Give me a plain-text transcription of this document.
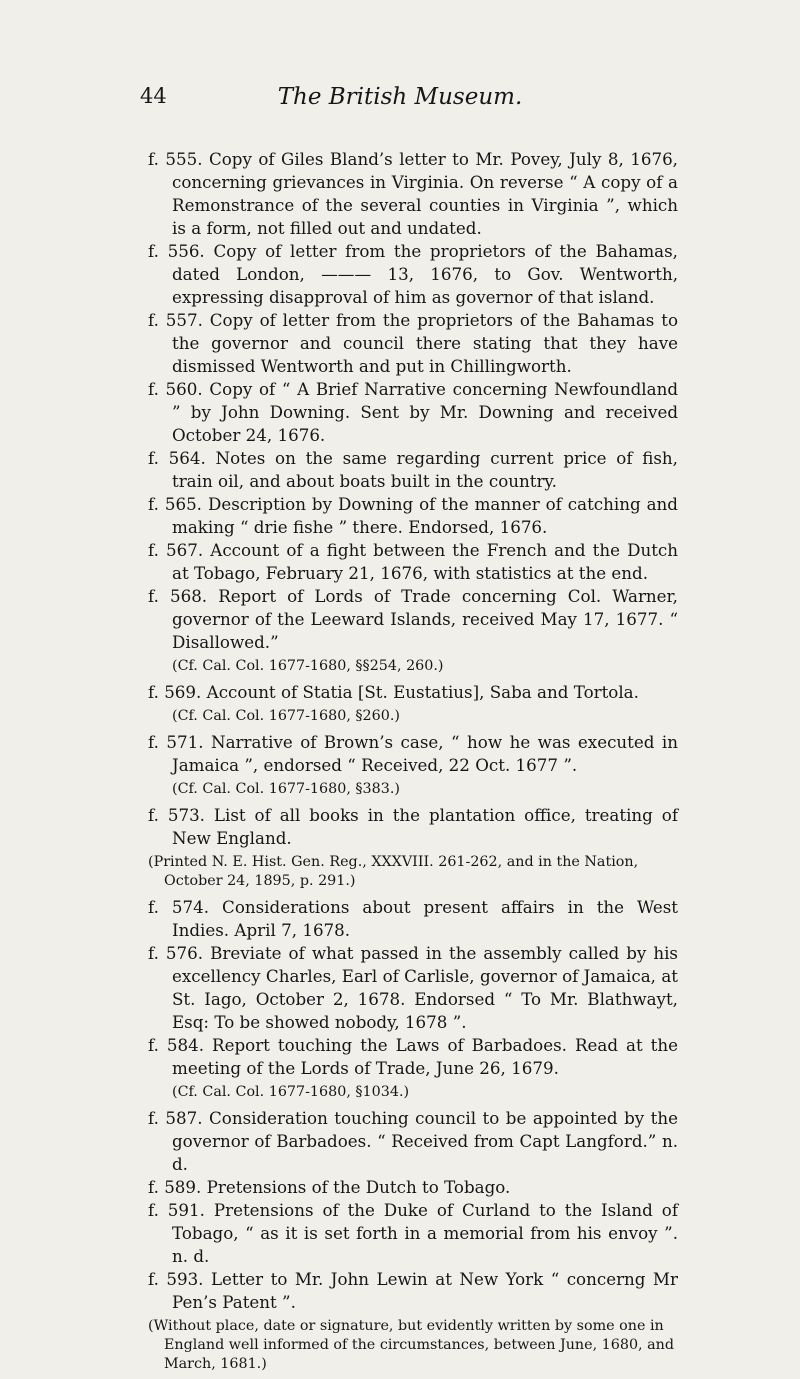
44	The British Museum.

f. 555. Copy of Giles Bland’s letter to Mr. Povey, July 8, 1676, concerning grievances in Virginia. On reverse “ A copy of a Remonstrance of the several counties in Virginia ”, which is a form, not filled out and undated.

f. 556. Copy of letter from the proprietors of the Bahamas, dated London, ——— 13, 1676, to Gov. Wentworth, expressing disapproval of him as governor of that island.

f. 557. Copy of letter from the proprietors of the Bahamas to the governor and council there stating that they have dismissed Wentworth and put in Chillingworth.

f. 560. Copy of “ A Brief Narrative concerning Newfoundland ” by John Downing. Sent by Mr. Downing and received October 24, 1676.

f. 564. Notes on the same regarding current price of fish, train oil, and about boats built in the country.

f. 565. Description by Downing of the manner of catching and making “ drie fishe ” there. Endorsed, 1676.

f. 567. Account of a fight between the French and the Dutch at Tobago, February 21, 1676, with statistics at the end.

f. 568. Report of Lords of Trade concerning Col. Warner, governor of the Leeward Islands, received May 17, 1677. “ Disallowed.”

(Cf. Cal. Col. 1677-1680, §§254, 260.)

f. 569. Account of Statia [St. Eustatius], Saba and Tortola.

(Cf. Cal. Col. 1677-1680, §260.)

f. 571. Narrative of Brown’s case, “ how he was executed in Jamaica ”, endorsed “ Received, 22 Oct. 1677 ”.

(Cf. Cal. Col. 1677-1680, §383.)

f. 573. List of all books in the plantation office, treating of New England.

(Printed N. E. Hist. Gen. Reg., XXXVIII. 261-262, and in the Nation, October 24, 1895, p. 291.)

f. 574. Considerations about present affairs in the West Indies. April 7, 1678.

f. 576. Breviate of what passed in the assembly called by his excellency Charles, Earl of Carlisle, governor of Jamaica, at St. Iago, October 2, 1678. Endorsed “ To Mr. Blathwayt, Esq: To be showed nobody, 1678 ”.

f. 584. Report touching the Laws of Barbadoes. Read at the meeting of the Lords of Trade, June 26, 1679.

(Cf. Cal. Col. 1677-1680, §1034.)

f. 587. Consideration touching council to be appointed by the governor of Barbadoes. “ Received from Capt Langford.” n. d.

f. 589. Pretensions of the Dutch to Tobago.

f. 591. Pretensions of the Duke of Curland to the Island of Tobago, “ as it is set forth in a memorial from his envoy ”. n. d.

f. 593. Letter to Mr. John Lewin at New York “ concerng Mr Pen’s Patent ”.

(Without place, date or signature, but evidently written by some one in England well informed of the circumstances, between June, 1680, and March, 1681.)
